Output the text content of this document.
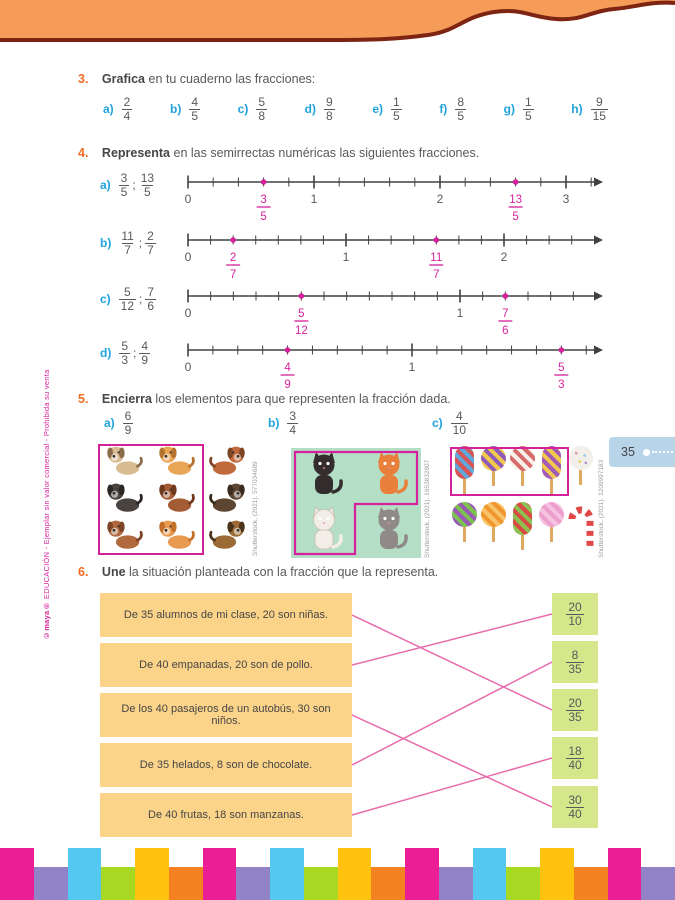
©maya® EDUCACIÓN - Ejemplar sin valor comercial - Prohibida su venta
3. Grafica en tu cuaderno las fracciones:
$a) \frac{2}{4}$	$b) \frac{4}{5}$	$c) \frac{5}{8}$	$d) \frac{9}{8}$	$e) \frac{1}{5}$	$f) \frac{8}{5}$	$g) \frac{1}{5}$	$h) \frac{9}{15}$
4. Representa en las semirrectas numéricas las siguientes fracciones.
$a) \frac{3}{5}$ ; $\frac{13}{5}$
0	1	2	3
3
5
13
5
$b) \frac{11}{7}$ ; $\frac{2}{7}$
0	1	2
2
7
11
7
$c) \frac{5}{12}$ ; $\frac{7}{6}$
0	1
5
12
7
6
$d) \frac{5}{3}$ ; $\frac{4}{9}$
0	1
4
9
5
3
5. Encierra los elementos para que representen la fracción dada.
$a) \frac{6}{9}$	$b) \frac{3}{4}$	$c) \frac{4}{10}$
Shutterstock, (2021). 577034689	Shutterstock, (2021). 1653832807	Shutterstock, (2021). 1209997183
35
6. Une la situación planteada con la fracción que la representa.
De 35 alumnos de mi clase, 20 son niñas.
De 40 empanadas, 20 son de pollo.
De los 40 pasajeros de un autobús, 30 son niños.
De 35 helados, 8 son de chocolate.
De 40 frutas, 18 son manzanas.
$\frac{20}{10}$
$\frac{8}{35}$
$\frac{20}{35}$
$\frac{18}{40}$
$\frac{30}{40}$
